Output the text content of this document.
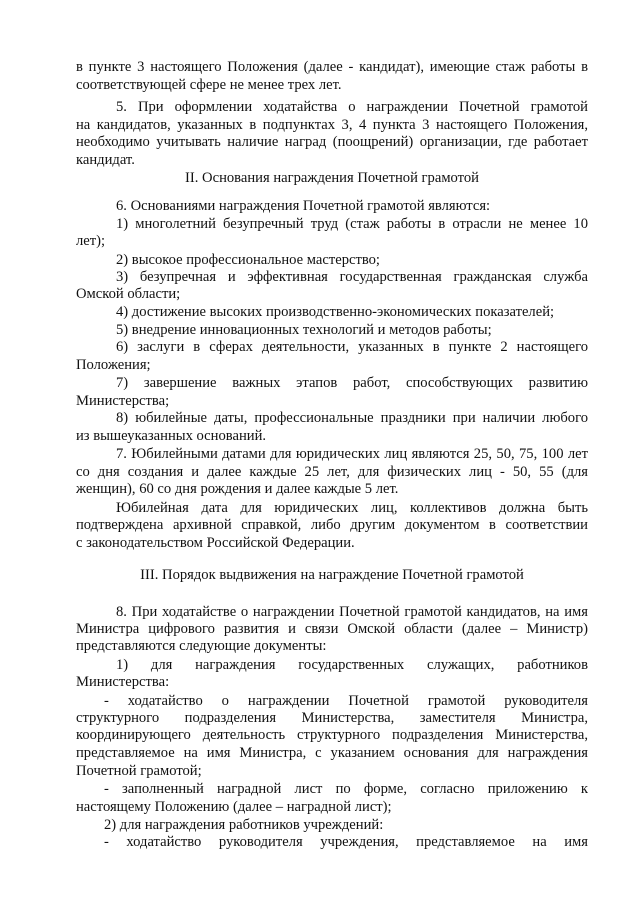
в пункте 3 настоящего Положения (далее - кандидат), имеющие стаж работы в
соответствующей сфере не менее трех лет.
5. При оформлении ходатайства о награждении Почетной грамотой
на кандидатов, указанных в подпунктах 3, 4 пункта 3 настоящего Положения,
необходимо учитывать наличие наград (поощрений) организации, где работает
кандидат.
II. Основания награждения Почетной грамотой
6. Основаниями награждения Почетной грамотой являются:
1) многолетний безупречный труд (стаж работы в отрасли не менее 10
лет);
2) высокое профессиональное мастерство;
3) безупречная и эффективная государственная гражданская служба
Омской области;
4) достижение высоких производственно-экономических показателей;
5) внедрение инновационных технологий и методов работы;
6) заслуги в сферах деятельности, указанных в пункте 2 настоящего
Положения;
7) завершение важных этапов работ, способствующих развитию
Министерства;
8) юбилейные даты, профессиональные праздники при наличии любого
из вышеуказанных оснований.
7. Юбилейными датами для юридических лиц являются 25, 50, 75, 100 лет
со дня создания и далее каждые 25 лет, для физических лиц - 50, 55 (для
женщин), 60 со дня рождения и далее каждые 5 лет.
Юбилейная дата для юридических лиц, коллективов должна быть
подтверждена архивной справкой, либо другим документом в соответствии
с законодательством Российской Федерации.
III. Порядок выдвижения на награждение Почетной грамотой
8. При ходатайстве о награждении Почетной грамотой кандидатов, на имя
Министра цифрового развития и связи Омской области (далее – Министр)
представляются следующие документы:
1) для награждения государственных служащих, работников
Министерства:
- ходатайство о награждении Почетной грамотой руководителя
структурного подразделения Министерства, заместителя Министра,
координирующего деятельность структурного подразделения Министерства,
представляемое на имя Министра, с указанием основания для награждения
Почетной грамотой;
- заполненный наградной лист по форме, согласно приложению к
настоящему Положению (далее – наградной лист);
2) для награждения работников учреждений:
- ходатайство руководителя учреждения, представляемое на имя
